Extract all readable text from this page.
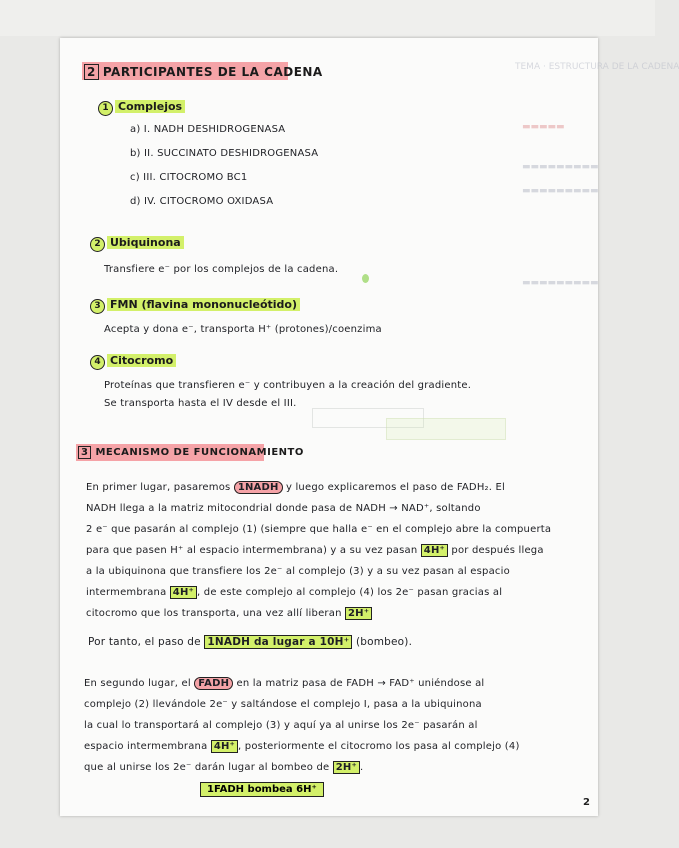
TEMA · ESTRUCTURA DE LA CADENA
▬▬▬▬▬
▬▬▬▬▬▬▬▬▬
▬▬▬▬▬▬▬▬▬
▬▬▬▬▬▬▬▬▬
2 PARTICIPANTES DE LA CADENA
1 Complejos
a) I. NADH DESHIDROGENASA
b) II. SUCCINATO DESHIDROGENASA
c) III. CITOCROMO BC1
d) IV. CITOCROMO OXIDASA
2 Ubiquinona
Transfiere e⁻ por los complejos de la cadena.
3 FMN (flavina mononucleótido)
Acepta y dona e⁻, transporta H⁺ (protones)/coenzima
4 Citocromo
Proteínas que transfieren e⁻ y contribuyen a la creación del gradiente.
Se transporta hasta el IV desde el III.
3 MECANISMO DE FUNCIONAMIENTO
En primer lugar, pasaremos 1NADH y luego explicaremos el paso de FADH₂. El
NADH llega a la matriz mitocondrial donde pasa de NADH → NAD⁺, soltando
2 e⁻ que pasarán al complejo (1) (siempre que halla e⁻ en el complejo abre la compuerta
para que pasen H⁺ al espacio intermembrana) y a su vez pasan 4H⁺ por después llega
a la ubiquinona que transfiere los 2e⁻ al complejo (3) y a su vez pasan al espacio
intermembrana 4H⁺ , de este complejo al complejo (4) los 2e⁻ pasan gracias al
citocromo que los transporta, una vez allí liberan 2H⁺
Por tanto, el paso de 1NADH da lugar a 10H⁺ (bombeo).
En segundo lugar, el FADH en la matriz pasa de FADH → FAD⁺ uniéndose al
complejo (2) llevándole 2e⁻ y saltándose el complejo I, pasa a la ubiquinona
la cual lo transportará al complejo (3) y aquí ya al unirse los 2e⁻ pasarán al
espacio intermembrana 4H⁺ , posteriormente el citocromo los pasa al complejo (4)
que al unirse los 2e⁻ darán lugar al bombeo de 2H⁺ .
1FADH bombea 6H⁺
2
